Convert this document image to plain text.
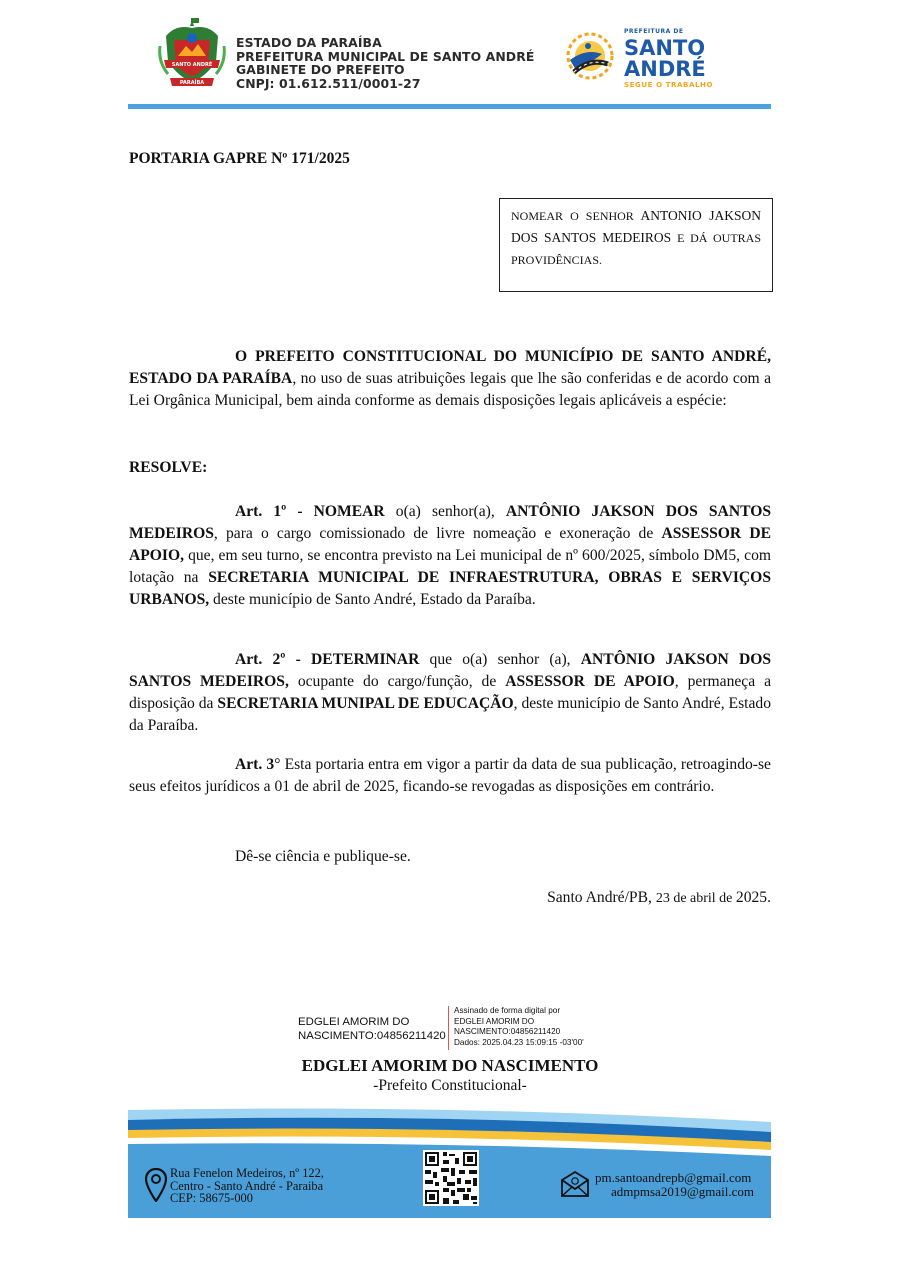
SANTO ANDRÉ
PARAÍBA
ESTADO DA PARAÍBA
PREFEITURA MUNICIPAL DE SANTO ANDRÉ
GABINETE DO PREFEITO
CNPJ: 01.612.511/0001-27
PREFEITURA DE
SANTO
ANDRÉ
SEGUE O TRABALHO
PORTARIA GAPRE Nº 171/2025
NOMEAR O SENHOR ANTONIO JAKSON DOS SANTOS MEDEIROS E DÁ OUTRAS PROVIDÊNCIAS.
O PREFEITO CONSTITUCIONAL DO MUNICÍPIO DE SANTO ANDRÉ, ESTADO DA PARAÍBA, no uso de suas atribuições legais que lhe são conferidas e de acordo com a Lei Orgânica Municipal, bem ainda conforme as demais disposições legais aplicáveis a espécie:
RESOLVE:
Art. 1º - NOMEAR o(a) senhor(a), ANTÔNIO JAKSON DOS SANTOS MEDEIROS, para o cargo comissionado de livre nomeação e exoneração de ASSESSOR DE APOIO, que, em seu turno, se encontra previsto na Lei municipal de nº 600/2025, símbolo DM5, com lotação na SECRETARIA MUNICIPAL DE INFRAESTRUTURA, OBRAS E SERVIÇOS URBANOS, deste município de Santo André, Estado da Paraíba.
Art. 2º - DETERMINAR que o(a) senhor (a), ANTÔNIO JAKSON DOS SANTOS MEDEIROS, ocupante do cargo/função, de ASSESSOR DE APOIO, permaneça a disposição da SECRETARIA MUNIPAL DE EDUCAÇÃO, deste município de Santo André, Estado da Paraíba.
Art. 3° Esta portaria entra em vigor a partir da data de sua publicação, retroagindo-se seus efeitos jurídicos a 01 de abril de 2025, ficando-se revogadas as disposições em contrário.
Dê-se ciência e publique-se.
Santo André/PB, 23 de abril de 2025.
EDGLEI AMORIM DO
NASCIMENTO:04856211420
Assinado de forma digital por
EDGLEI AMORIM DO
NASCIMENTO:04856211420
Dados: 2025.04.23 15:09:15 -03'00'
EDGLEI AMORIM DO NASCIMENTO
-Prefeito Constitucional-
Rua Fenelon Medeiros, nº 122,
Centro - Santo André - Paraiba
CEP: 58675-000
pm.santoandrepb@gmail.com
admpmsa2019@gmail.com
